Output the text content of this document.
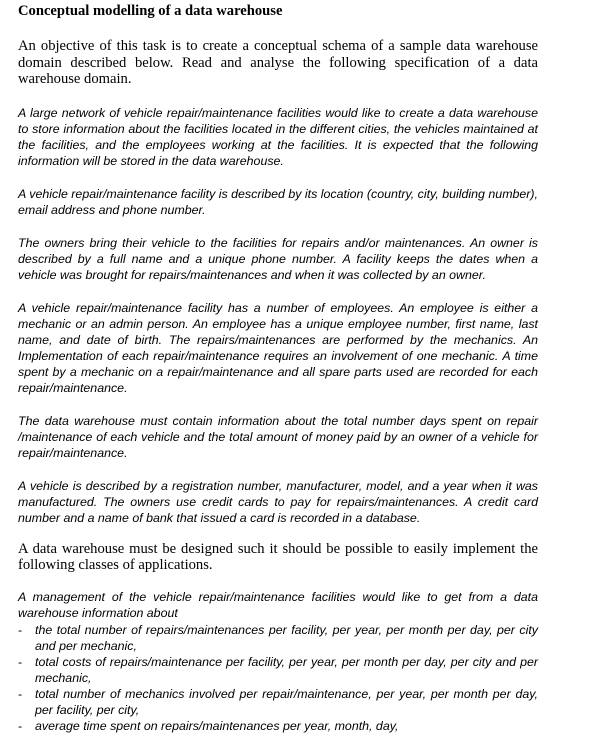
Conceptual modelling of a data warehouse

An objective of this task is to create a conceptual schema of a sample data warehouse domain described below. Read and analyse the following specification of a data warehouse domain.

A large network of vehicle repair/maintenance facilities would like to create a data warehouse to store information about the facilities located in the different cities, the vehicles maintained at the facilities, and the employees working at the facilities. It is expected that the following information will be stored in the data warehouse.

A vehicle repair/maintenance facility is described by its location (country, city, building number), email address and phone number.

The owners bring their vehicle to the facilities for repairs and/or maintenances. An owner is described by a full name and a unique phone number. A facility keeps the dates when a vehicle was brought for repairs/maintenances and when it was collected by an owner.

A vehicle repair/maintenance facility has a number of employees. An employee is either a mechanic or an admin person. An employee has a unique employee number, first name, last name, and date of birth. The repairs/maintenances are performed by the mechanics. An Implementation of each repair/maintenance requires an involvement of one mechanic. A time spent by a mechanic on a repair/maintenance and all spare parts used are recorded for each repair/maintenance.

The data warehouse must contain information about the total number days spent on repair /maintenance of each vehicle and the total amount of money paid by an owner of a vehicle for repair/maintenance.

A vehicle is described by a registration number, manufacturer, model, and a year when it was manufactured. The owners use credit cards to pay for repairs/maintenances. A credit card number and a name of bank that issued a card is recorded in a database.

A data warehouse must be designed such it should be possible to easily implement the following classes of applications.

A management of the vehicle repair/maintenance facilities would like to get from a data warehouse information about

- the total number of repairs/maintenances per facility, per year, per month per day, per city and per mechanic,
- total costs of repairs/maintenance per facility, per year, per month per day, per city and per mechanic,
- total number of mechanics involved per repair/maintenance, per year, per month per day, per facility, per city,
- average time spent on repairs/maintenances per year, month, day,
